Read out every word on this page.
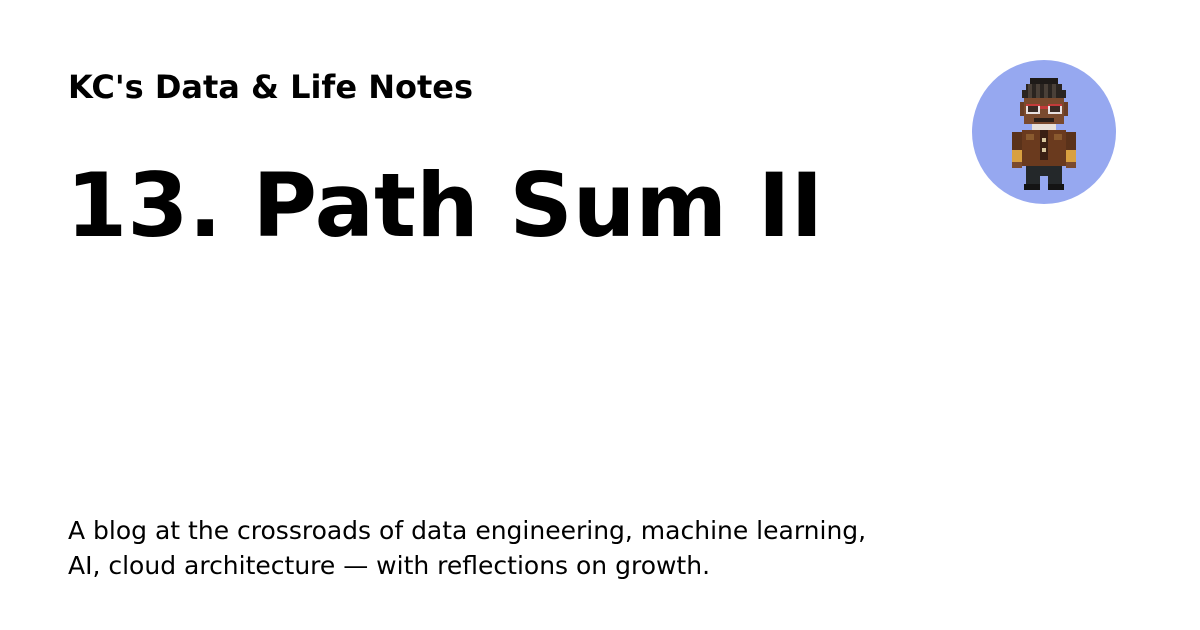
KC's Data & Life Notes
13. Path Sum II
A blog at the crossroads of data engineering, machine learning,
AI, cloud architecture — with reflections on growth.
